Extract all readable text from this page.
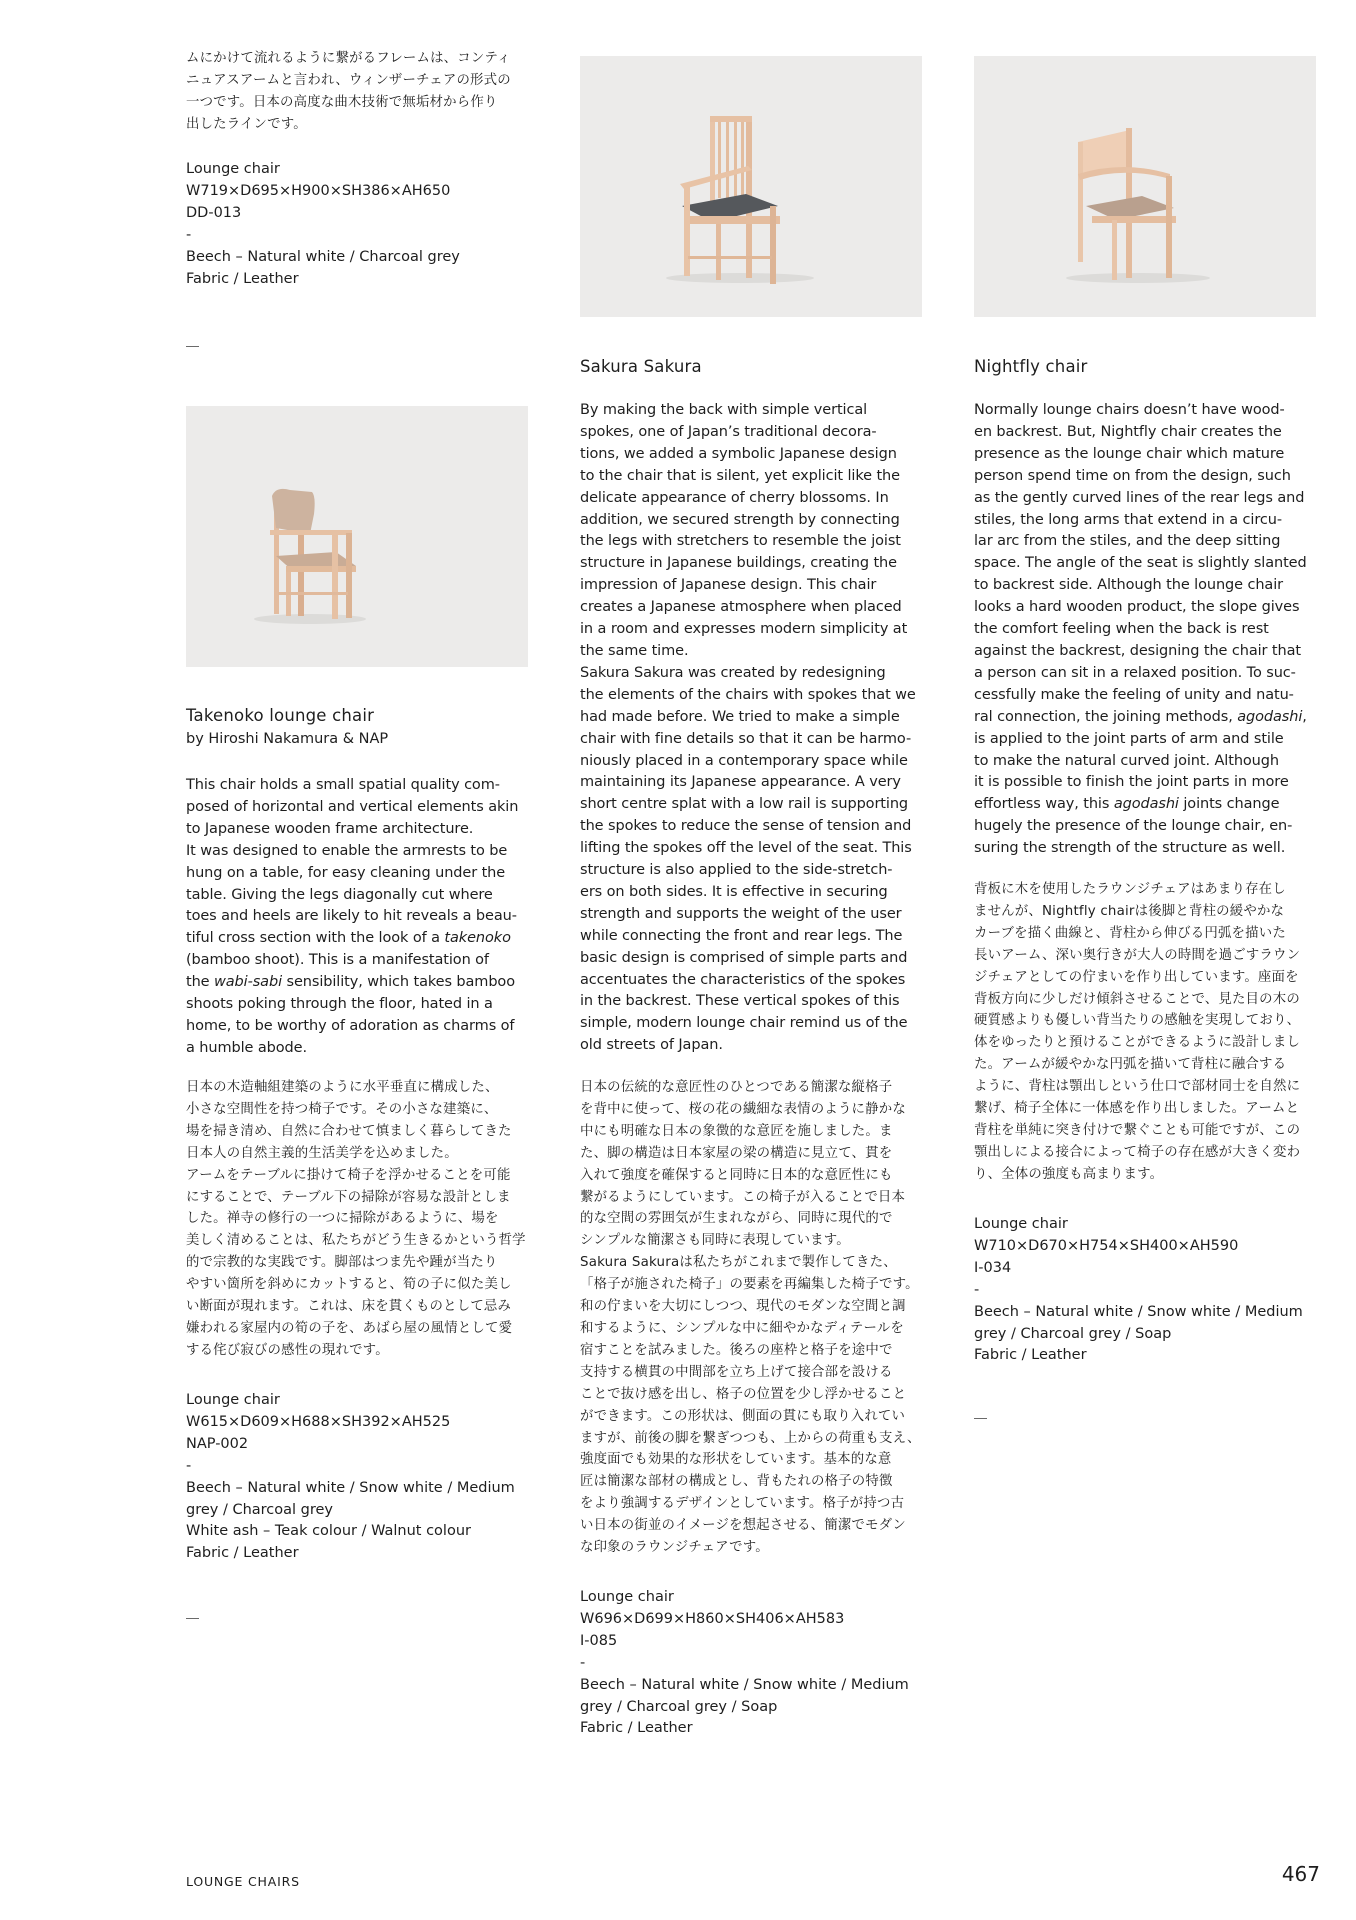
ムにかけて流れるように繋がるフレームは、コンティ
ニュアスアームと言われ、ウィンザーチェアの形式の
一つです。日本の高度な曲木技術で無垢材から作り
出したラインです。

Lounge chair
W719×D695×H900×SH386×AH650
DD-013
-
Beech – Natural white / Charcoal grey
Fabric / Leather
Takenoko lounge chair
by Hiroshi Nakamura & NAP

This chair holds a small spatial quality com-
posed of horizontal and vertical elements akin
to Japanese wooden frame architecture.
It was designed to enable the armrests to be
hung on a table, for easy cleaning under the
table. Giving the legs diagonally cut where
toes and heels are likely to hit reveals a beau-
tiful cross section with the look of a takenoko
(bamboo shoot). This is a manifestation of
the wabi-sabi sensibility, which takes bamboo
shoots poking through the floor, hated in a
home, to be worthy of adoration as charms of
a humble abode.

日本の木造軸組建築のように水平垂直に構成した、
小さな空間性を持つ椅子です。その小さな建築に、
場を掃き清め、自然に合わせて慎ましく暮らしてきた
日本人の自然主義的生活美学を込めました。
アームをテーブルに掛けて椅子を浮かせることを可能
にすることで、テーブル下の掃除が容易な設計としま
した。禅寺の修行の一つに掃除があるように、場を
美しく清めることは、私たちがどう生きるかという哲学
的で宗教的な実践です。脚部はつま先や踵が当たり
やすい箇所を斜めにカットすると、筍の子に似た美し
い断面が現れます。これは、床を貫くものとして忌み
嫌われる家屋内の筍の子を、あばら屋の風情として愛
する侘び寂びの感性の現れです。

Lounge chair
W615×D609×H688×SH392×AH525
NAP-002
-
Beech – Natural white / Snow white / Medium
grey / Charcoal grey
White ash – Teak colour / Walnut colour
Fabric / Leather
Sakura Sakura

By making the back with simple vertical
spokes, one of Japan’s traditional decora-
tions, we added a symbolic Japanese design
to the chair that is silent, yet explicit like the
delicate appearance of cherry blossoms. In
addition, we secured strength by connecting
the legs with stretchers to resemble the joist
structure in Japanese buildings, creating the
impression of Japanese design. This chair
creates a Japanese atmosphere when placed
in a room and expresses modern simplicity at
the same time.
Sakura Sakura was created by redesigning
the elements of the chairs with spokes that we
had made before. We tried to make a simple
chair with fine details so that it can be harmo-
niously placed in a contemporary space while
maintaining its Japanese appearance. A very
short centre splat with a low rail is supporting
the spokes to reduce the sense of tension and
lifting the spokes off the level of the seat. This
structure is also applied to the side-stretch-
ers on both sides. It is effective in securing
strength and supports the weight of the user
while connecting the front and rear legs. The
basic design is comprised of simple parts and
accentuates the characteristics of the spokes
in the backrest. These vertical spokes of this
simple, modern lounge chair remind us of the
old streets of Japan.

日本の伝統的な意匠性のひとつである簡潔な縦格子
を背中に使って、桜の花の繊細な表情のように静かな
中にも明確な日本の象徴的な意匠を施しました。ま
た、脚の構造は日本家屋の梁の構造に見立て、貫を
入れて強度を確保すると同時に日本的な意匠性にも
繋がるようにしています。この椅子が入ることで日本
的な空間の雰囲気が生まれながら、同時に現代的で
シンプルな簡潔さも同時に表現しています。
Sakura Sakuraは私たちがこれまで製作してきた、
「格子が施された椅子」の要素を再編集した椅子です。
和の佇まいを大切にしつつ、現代のモダンな空間と調
和するように、シンプルな中に細やかなディテールを
宿すことを試みました。後ろの座枠と格子を途中で
支持する横貫の中間部を立ち上げて接合部を設ける
ことで抜け感を出し、格子の位置を少し浮かせること
ができます。この形状は、側面の貫にも取り入れてい
ますが、前後の脚を繋ぎつつも、上からの荷重も支え、
強度面でも効果的な形状をしています。基本的な意
匠は簡潔な部材の構成とし、背もたれの格子の特徴
をより強調するデザインとしています。格子が持つ古
い日本の街並のイメージを想起させる、簡潔でモダン
な印象のラウンジチェアです。

Lounge chair
W696×D699×H860×SH406×AH583
I-085
-
Beech – Natural white / Snow white / Medium
grey / Charcoal grey / Soap
Fabric / Leather
Nightfly chair

Normally lounge chairs doesn’t have wood-
en backrest. But, Nightfly chair creates the
presence as the lounge chair which mature
person spend time on from the design, such
as the gently curved lines of the rear legs and
stiles, the long arms that extend in a circu-
lar arc from the stiles, and the deep sitting
space. The angle of the seat is slightly slanted
to backrest side. Although the lounge chair
looks a hard wooden product, the slope gives
the comfort feeling when the back is rest
against the backrest, designing the chair that
a person can sit in a relaxed position. To suc-
cessfully make the feeling of unity and natu-
ral connection, the joining methods, agodashi,
is applied to the joint parts of arm and stile
to make the natural curved joint. Although
it is possible to finish the joint parts in more
effortless way, this agodashi joints change
hugely the presence of the lounge chair, en-
suring the strength of the structure as well.

背板に木を使用したラウンジチェアはあまり存在し
ませんが、Nightfly chairは後脚と背柱の緩やかな
カーブを描く曲線と、背柱から伸びる円弧を描いた
長いアーム、深い奥行きが大人の時間を過ごすラウン
ジチェアとしての佇まいを作り出しています。座面を
背板方向に少しだけ傾斜させることで、見た目の木の
硬質感よりも優しい背当たりの感触を実現しており、
体をゆったりと預けることができるように設計しまし
た。アームが緩やかな円弧を描いて背柱に融合する
ように、背柱は顎出しという仕口で部材同士を自然に
繋げ、椅子全体に一体感を作り出しました。アームと
背柱を単純に突き付けで繋ぐことも可能ですが、この
顎出しによる接合によって椅子の存在感が大きく変わ
り、全体の強度も高まります。

Lounge chair
W710×D670×H754×SH400×AH590
I-034
-
Beech – Natural white / Snow white / Medium
grey / Charcoal grey / Soap
Fabric / Leather
LOUNGE CHAIRS	467
